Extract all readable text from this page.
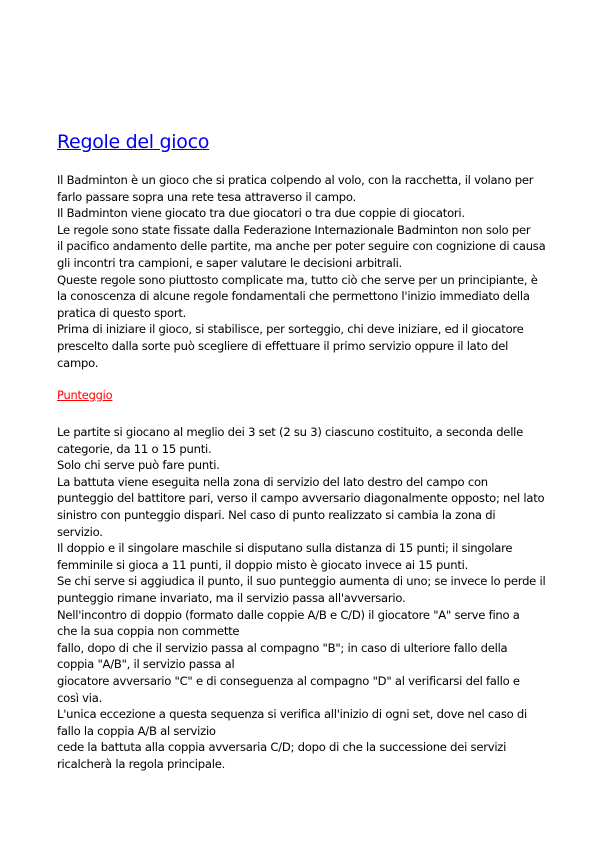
Regole del gioco
Il Badminton è un gioco che si pratica colpendo al volo, con la racchetta, il volano per
farlo passare sopra una rete tesa attraverso il campo.
Il Badminton viene giocato tra due giocatori o tra due coppie di giocatori.
Le regole sono state fissate dalla Federazione Internazionale Badminton non solo per
il pacifico andamento delle partite, ma anche per poter seguire con cognizione di causa
gli incontri tra campioni, e saper valutare le decisioni arbitrali.
Queste regole sono piuttosto complicate ma, tutto ciò che serve per un principiante, è
la conoscenza di alcune regole fondamentali che permettono l'inizio immediato della
pratica di questo sport.
Prima di iniziare il gioco, si stabilisce, per sorteggio, chi deve iniziare, ed il giocatore
prescelto dalla sorte può scegliere di effettuare il primo servizio oppure il lato del
campo.
Punteggio
Le partite si giocano al meglio dei 3 set (2 su 3) ciascuno costituito, a seconda delle
categorie, da 11 o 15 punti.
Solo chi serve può fare punti.
La battuta viene eseguita nella zona di servizio del lato destro del campo con
punteggio del battitore pari, verso il campo avversario diagonalmente opposto; nel lato
sinistro con punteggio dispari. Nel caso di punto realizzato si cambia la zona di
servizio.
Il doppio e il singolare maschile si disputano sulla distanza di 15 punti; il singolare
femminile si gioca a 11 punti, il doppio misto è giocato invece ai 15 punti.
Se chi serve si aggiudica il punto, il suo punteggio aumenta di uno; se invece lo perde il
punteggio rimane invariato, ma il servizio passa all'avversario.
Nell'incontro di doppio (formato dalle coppie A/B e C/D) il giocatore "A" serve fino a
che la sua coppia non commette
fallo, dopo di che il servizio passa al compagno "B"; in caso di ulteriore fallo della
coppia "A/B", il servizio passa al
giocatore avversario "C" e di conseguenza al compagno "D" al verificarsi del fallo e
così via.
L'unica eccezione a questa sequenza si verifica all'inizio di ogni set, dove nel caso di
fallo la coppia A/B al servizio
cede la battuta alla coppia avversaria C/D; dopo di che la successione dei servizi
ricalcherà la regola principale.
